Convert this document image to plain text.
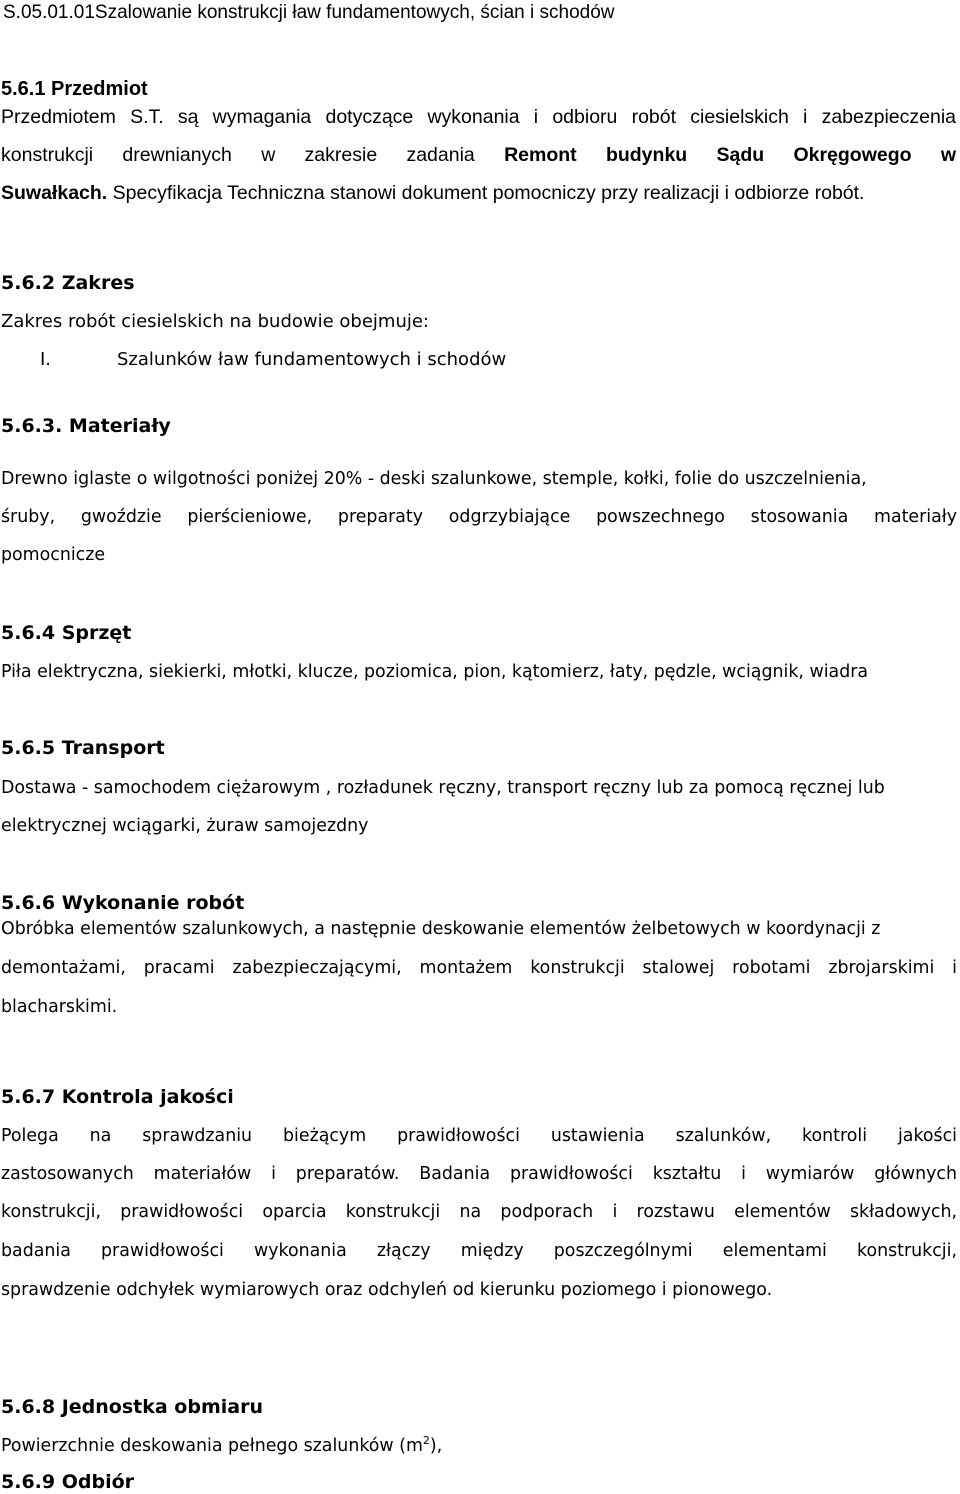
S.05.01.01Szalowanie konstrukcji ław fundamentowych, ścian i schodów

5.6.1 Przedmiot

Przedmiotem S.T. są wymagania dotyczące wykonania i odbioru robót ciesielskich i zabezpieczenia

konstrukcji drewnianych w zakresie zadania Remont budynku Sądu Okręgowego w

Suwałkach. Specyfikacja Techniczna stanowi dokument pomocniczy przy realizacji i odbiorze robót.

5.6.2 Zakres

Zakres robót ciesielskich na budowie obejmuje:

I.	Szalunków ław fundamentowych i schodów

5.6.3. Materiały

Drewno iglaste o wilgotności poniżej 20% - deski szalunkowe, stemple, kołki, folie do uszczelnienia,

śruby, gwoździe pierścieniowe, preparaty odgrzybiające powszechnego stosowania materiały

pomocnicze

5.6.4 Sprzęt

Piła elektryczna, siekierki, młotki, klucze, poziomica, pion, kątomierz, łaty, pędzle, wciągnik, wiadra

5.6.5 Transport

Dostawa - samochodem ciężarowym , rozładunek ręczny, transport ręczny lub za pomocą ręcznej lub

elektrycznej wciągarki, żuraw samojezdny

5.6.6 Wykonanie robót

Obróbka elementów szalunkowych, a następnie deskowanie elementów żelbetowych w koordynacji z

demontażami, pracami zabezpieczającymi, montażem konstrukcji stalowej robotami zbrojarskimi i

blacharskimi.

5.6.7 Kontrola jakości

Polega na sprawdzaniu bieżącym prawidłowości ustawienia szalunków, kontroli jakości

zastosowanych materiałów i preparatów. Badania prawidłowości kształtu i wymiarów głównych

konstrukcji, prawidłowości oparcia konstrukcji na podporach i rozstawu elementów składowych,

badania prawidłowości wykonania złączy między poszczególnymi elementami konstrukcji,

sprawdzenie odchyłek wymiarowych oraz odchyleń od kierunku poziomego i pionowego.

5.6.8 Jednostka obmiaru

Powierzchnie deskowania pełnego szalunków $(m^2)$,

5.6.9 Odbiór
